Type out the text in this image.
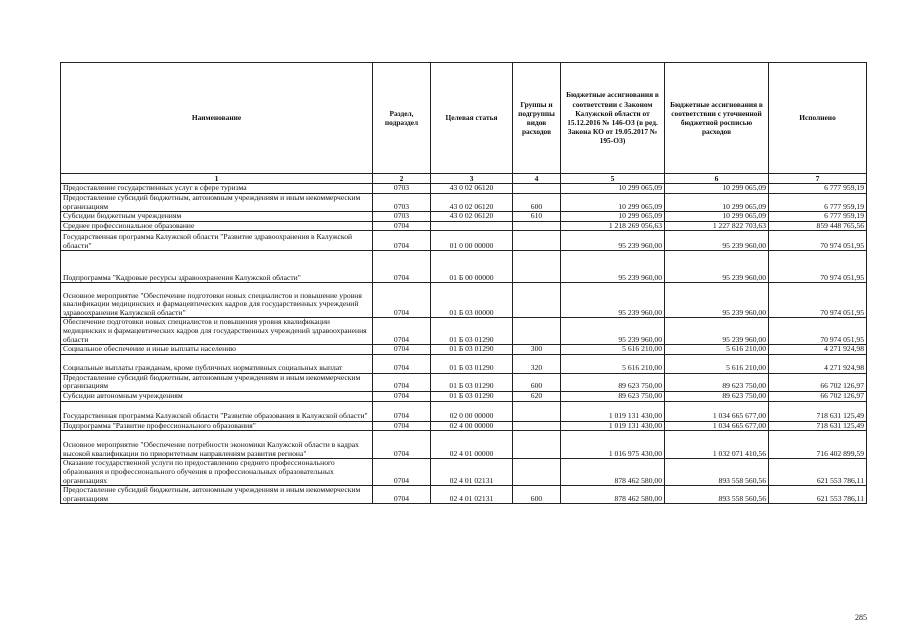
Наименование	Раздел, подраздел	Целевая статья	Группы и подгруппы видов расходов	Бюджетные ассигнования в соответствии с Законом Калужской области от 15.12.2016 № 146-ОЗ (в ред. Закона КО от 19.05.2017 № 195-ОЗ)	Бюджетные ассигнования в соответствии с уточненной бюджетной росписью расходов	Исполнено
1	2	3	4	5	6	7
Предоставление государственных услуг в сфере туризма	0703	43 0 02 06120		10 299 065,09	10 299 065,09	6 777 959,19
Предоставление субсидий бюджетным, автономным учреждениям и иным некоммерческим организациям	0703	43 0 02 06120	600	10 299 065,09	10 299 065,09	6 777 959,19
Субсидии бюджетным учреждениям	0703	43 0 02 06120	610	10 299 065,09	10 299 065,09	6 777 959,19
Среднее профессиональное образование	0704			1 218 269 056,63	1 227 822 703,63	859 448 765,56
Государственная программа Калужской области "Развитие здравоохранения в Калужской области"	0704	01 0 00 00000		95 239 960,00	95 239 960,00	70 974 051,95
Подпрограмма "Кадровые ресурсы здравоохранения Калужской области"	0704	01 Б 00 00000		95 239 960,00	95 239 960,00	70 974 051,95
Основное мероприятие "Обеспечение подготовки новых специалистов и повышение уровня квалификации медицинских и фармацевтических кадров для государственных учреждений здравоохранения Калужской области"	0704	01 Б 03 00000		95 239 960,00	95 239 960,00	70 974 051,95
Обеспечение подготовки новых специалистов и повышения уровня квалификации медицинских и фармацевтических кадров для государственных учреждений здравоохранения области	0704	01 Б 03 01290		95 239 960,00	95 239 960,00	70 974 051,95
Социальное обеспечение и иные выплаты населению	0704	01 Б 03 01290	300	5 616 210,00	5 616 210,00	4 271 924,98
Социальные выплаты гражданам, кроме публичных нормативных социальных выплат	0704	01 Б 03 01290	320	5 616 210,00	5 616 210,00	4 271 924,98
Предоставление субсидий бюджетным, автономным учреждениям и иным некоммерческим организациям	0704	01 Б 03 01290	600	89 623 750,00	89 623 750,00	66 702 126,97
Субсидии автономным учреждениям	0704	01 Б 03 01290	620	89 623 750,00	89 623 750,00	66 702 126,97
Государственная программа Калужской области "Развитие образования в Калужской области"	0704	02 0 00 00000		1 019 131 430,00	1 034 665 677,00	718 631 125,49
Подпрограмма "Развитие профессионального образования"	0704	02 4 00 00000		1 019 131 430,00	1 034 665 677,00	718 631 125,49
Основное мероприятие "Обеспечение потребности экономики Калужской области в кадрах высокой квалификации по приоритетным направлениям развития региона"	0704	02 4 01 00000		1 016 975 430,00	1 032 071 410,56	716 402 899,59
Оказание государственной услуги по предоставлению среднего профессионального образования и профессионального обучения в профессиональных образовательных организациях	0704	02 4 01 02131		878 462 580,00	893 558 560,56	621 553 786,11
Предоставление субсидий бюджетным, автономным учреждениям и иным некоммерческим организациям	0704	02 4 01 02131	600	878 462 580,00	893 558 560,56	621 553 786,11
285
